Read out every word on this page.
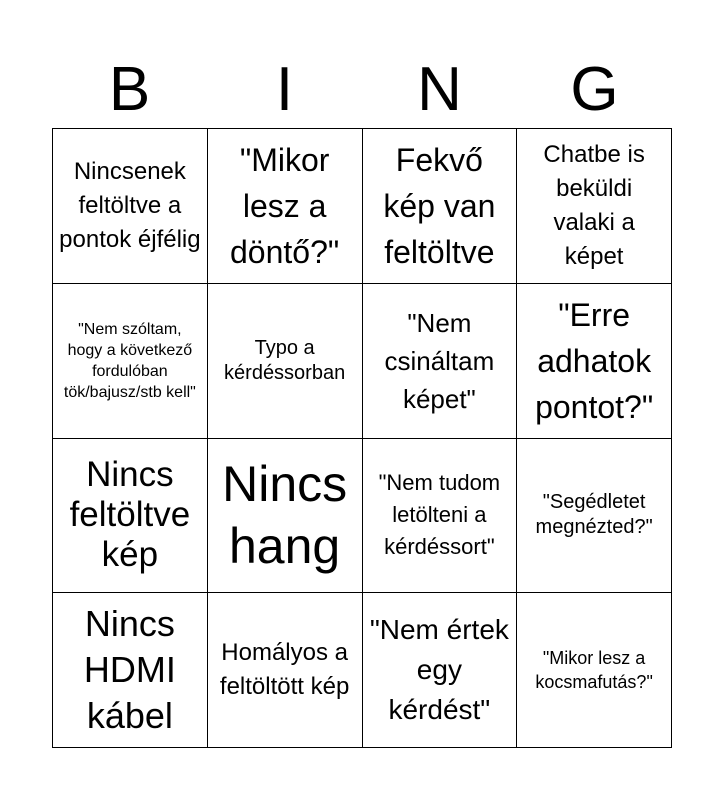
B	I	N	G
Nincsenek feltöltve a pontok éjfélig
"Mikor lesz a döntő?"
Fekvő kép van feltöltve
Chatbe is beküldi valaki a képet
"Nem szóltam, hogy a következő fordulóban tök/bajusz/stb kell"
Typo a kérdéssorban
"Nem csináltam képet"
"Erre adhatok pontot?"
Nincs feltöltve kép
Nincs hang
"Nem tudom letölteni a kérdéssort"
"Segédletet megnézted?"
Nincs HDMI kábel
Homályos a feltöltött kép
"Nem értek egy kérdést"
"Mikor lesz a kocsmafutás?"
